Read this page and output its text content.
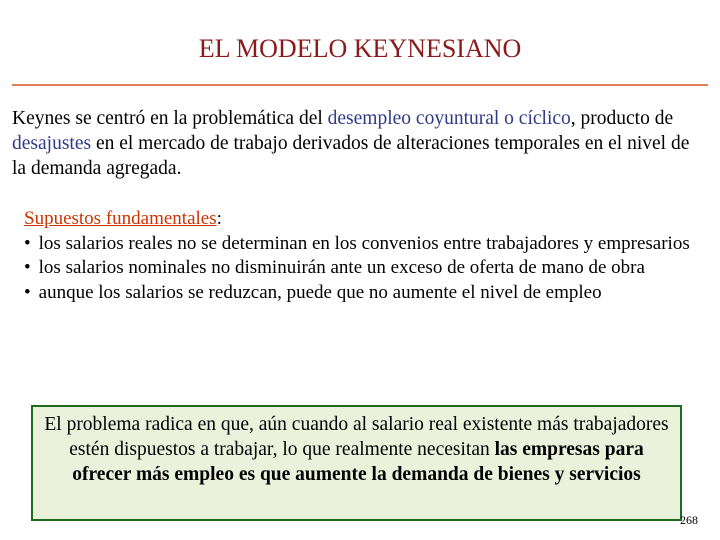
EL MODELO KEYNESIANO
Keynes se centró en la problemática del desempleo coyuntural o cíclico, producto de desajustes en el mercado de trabajo derivados de alteraciones temporales en el nivel de la demanda agregada.
Supuestos fundamentales:
• los salarios reales no se determinan en los convenios entre trabajadores y empresarios
• los salarios nominales no disminuirán ante un exceso de oferta de mano de obra
• aunque los salarios se reduzcan, puede que no aumente el nivel de empleo
El problema radica en que, aún cuando al salario real existente más trabajadores estén dispuestos a trabajar, lo que realmente necesitan las empresas para ofrecer más empleo es que aumente la demanda de bienes y servicios
268
